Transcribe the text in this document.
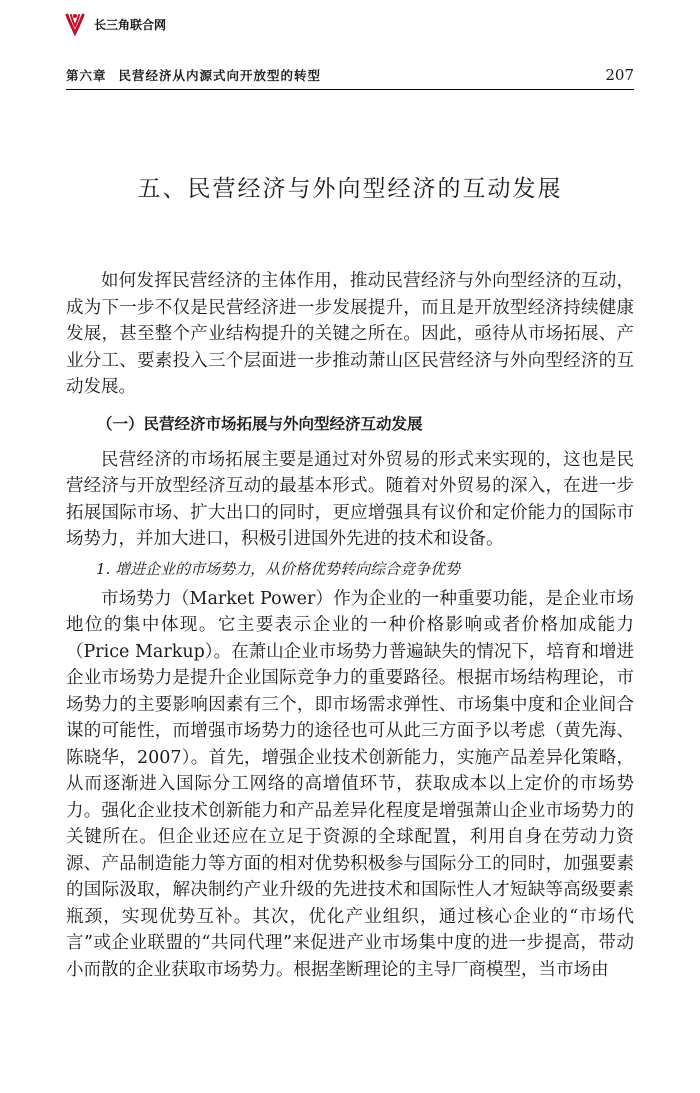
长三角联合网
第六章 民营经济从内源式向开放型的转型	207
五、民营经济与外向型经济的互动发展

如何发挥民营经济的主体作用，推动民营经济与外向型经济的互动，成为下一步不仅是民营经济进一步发展提升，而且是开放型经济持续健康发展，甚至整个产业结构提升的关键之所在。因此，亟待从市场拓展、产业分工、要素投入三个层面进一步推动萧山区民营经济与外向型经济的互动发展。

（一）民营经济市场拓展与外向型经济互动发展

民营经济的市场拓展主要是通过对外贸易的形式来实现的，这也是民营经济与开放型经济互动的最基本形式。随着对外贸易的深入，在进一步拓展国际市场、扩大出口的同时，更应增强具有议价和定价能力的国际市场势力，并加大进口，积极引进国外先进的技术和设备。

1. 增进企业的市场势力，从价格优势转向综合竞争优势

市场势力（Market Power）作为企业的一种重要功能，是企业市场地位的集中体现。它主要表示企业的一种价格影响或者价格加成能力（Price Markup）。在萧山企业市场势力普遍缺失的情况下，培育和增进企业市场势力是提升企业国际竞争力的重要路径。根据市场结构理论，市场势力的主要影响因素有三个，即市场需求弹性、市场集中度和企业间合谋的可能性，而增强市场势力的途径也可从此三方面予以考虑（黄先海、陈晓华，2007）。首先，增强企业技术创新能力，实施产品差异化策略，从而逐渐进入国际分工网络的高增值环节，获取成本以上定价的市场势力。强化企业技术创新能力和产品差异化程度是增强萧山企业市场势力的关键所在。但企业还应在立足于资源的全球配置，利用自身在劳动力资源、产品制造能力等方面的相对优势积极参与国际分工的同时，加强要素的国际汲取，解决制约产业升级的先进技术和国际性人才短缺等高级要素瓶颈，实现优势互补。其次，优化产业组织，通过核心企业的“市场代言”或企业联盟的“共同代理”来促进产业市场集中度的进一步提高，带动小而散的企业获取市场势力。根据垄断理论的主导厂商模型，当市场由
